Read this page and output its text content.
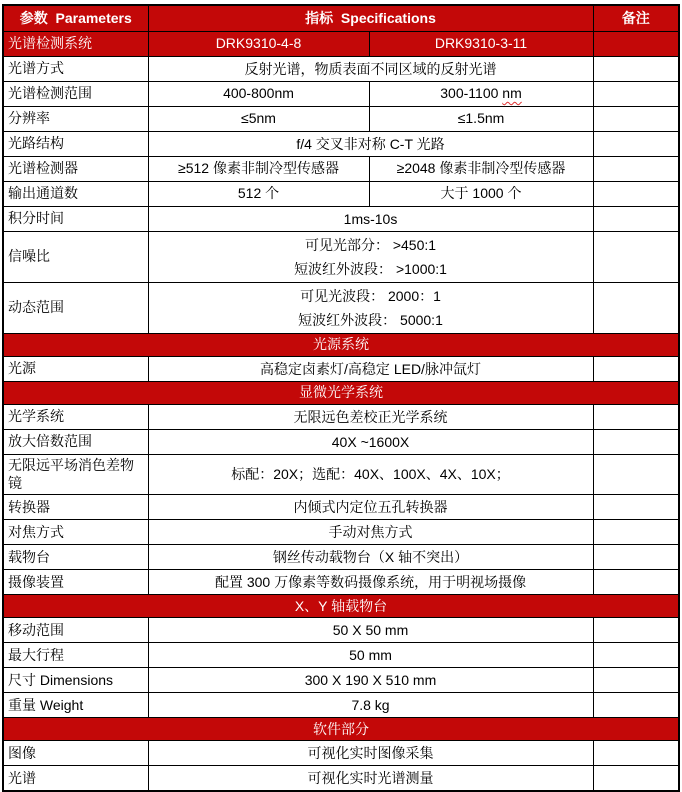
参数  Parameters	指标  Specifications		备注
光谱检测系统	DRK9310-4-8	DRK9310-3-11	
光谱方式	反射光谱，物质表面不同区域的反射光谱		

光谱检测范围	400-800nm	300-1100 nm	
分辨率	≤5nm	≤1.5nm	
光路结构	f/4 交叉非对称 C-T 光路		

光谱检测器	≥512 像素非制冷型传感器	≥2048 像素非制冷型传感器	
输出通道数	512 个	大于 1000 个	
积分时间	1ms-10s		

信噪比	可见光部分： >450:1
短波红外波段： >1000:1		

动态范围	可见光波段： 2000：1
短波红外波段： 5000:1		

光源系统			
光源	高稳定卤素灯/高稳定 LED/脉冲氙灯		

显微光学系统			
光学系统	无限远色差校正光学系统		

放大倍数范围	40X ~1600X		

无限远平场消色差物镜	标配：20X；选配：40X、100X、4X、10X；		

转换器	内倾式内定位五孔转换器		

对焦方式	手动对焦方式		

载物台	钢丝传动载物台（X 轴不突出）		

摄像装置	配置 300 万像素等数码摄像系统，用于明视场摄像		

X、Y 轴载物台			
移动范围	50 X 50 mm		

最大行程	50 mm		

尺寸 Dimensions	300 X 190 X 510 mm		

重量 Weight	7.8 kg		

软件部分			
图像	可视化实时图像采集		

光谱	可视化实时光谱测量		
